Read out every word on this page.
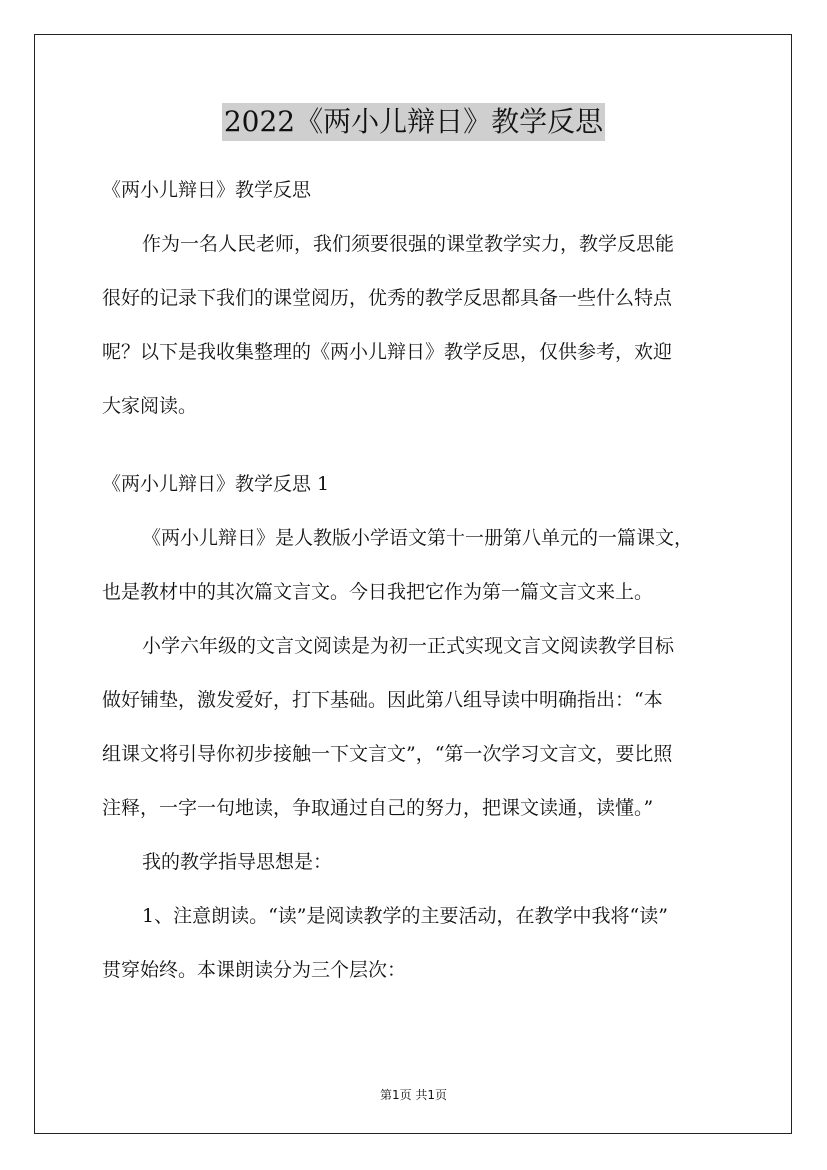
2022《两小儿辩日》教学反思

《两小儿辩日》教学反思

作为一名人民老师，我们须要很强的课堂教学实力，教学反思能

很好的记录下我们的课堂阅历，优秀的教学反思都具备一些什么特点

呢？以下是我收集整理的《两小儿辩日》教学反思，仅供参考，欢迎

大家阅读。

《两小儿辩日》教学反思 1

《两小儿辩日》是人教版小学语文第十一册第八单元的一篇课文，

也是教材中的其次篇文言文。今日我把它作为第一篇文言文来上。

小学六年级的文言文阅读是为初一正式实现文言文阅读教学目标

做好铺垫，激发爱好，打下基础。因此第八组导读中明确指出：“本

组课文将引导你初步接触一下文言文”，“第一次学习文言文，要比照

注释，一字一句地读，争取通过自己的努力，把课文读通，读懂。”

我的教学指导思想是：

1、注意朗读。“读”是阅读教学的主要活动，在教学中我将“读”

贯穿始终。本课朗读分为三个层次：

第1页 共1页
